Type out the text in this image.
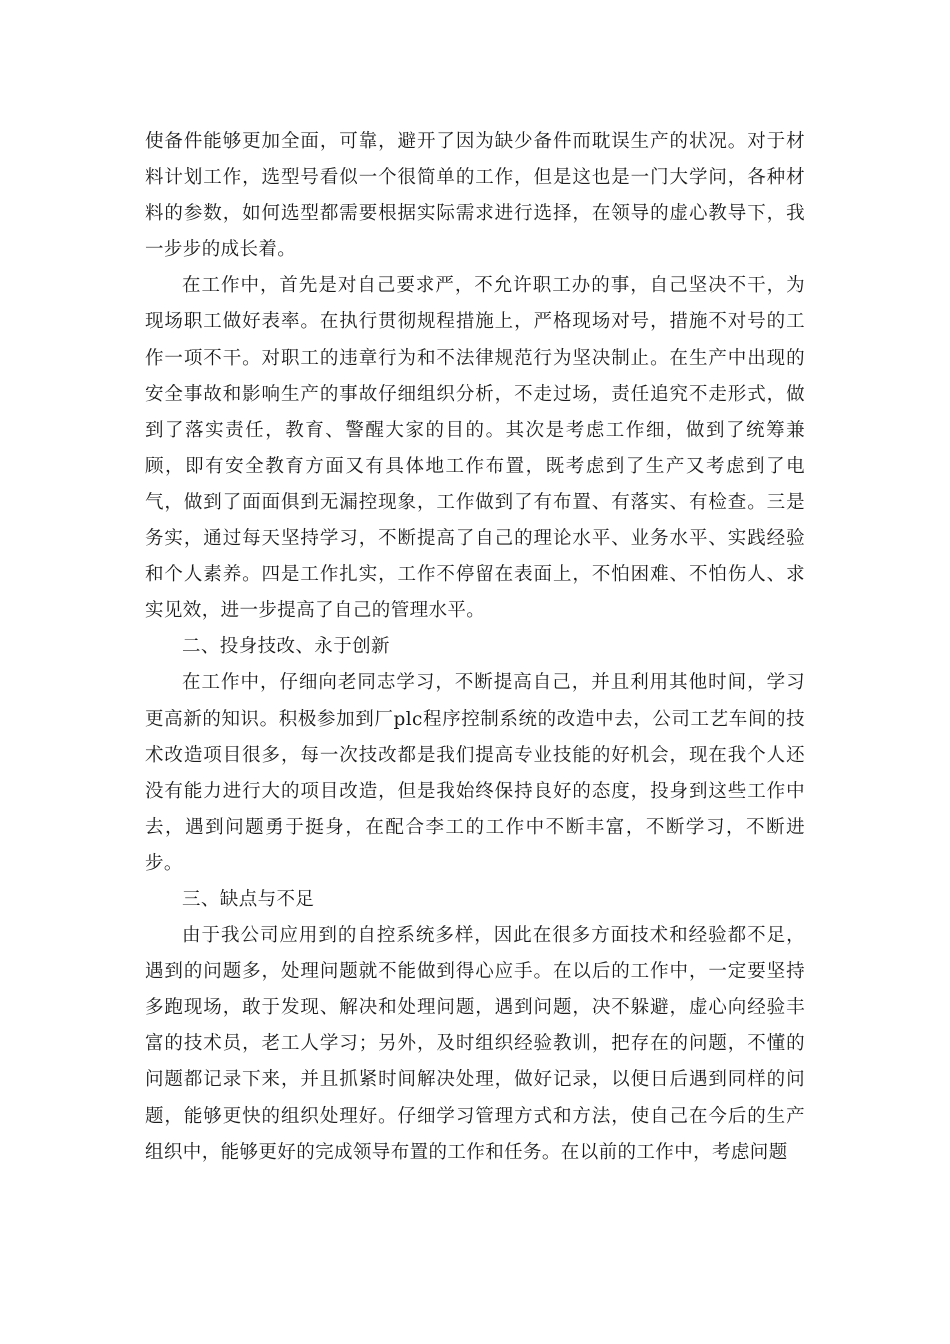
使备件能够更加全面，可靠，避开了因为缺少备件而耽误生产的状况。对于材料计划工作，选型号看似一个很简单的工作，但是这也是一门大学问，各种材料的参数，如何选型都需要根据实际需求进行选择，在领导的虚心教导下，我一步步的成长着。

在工作中，首先是对自己要求严，不允许职工办的事，自己坚决不干，为现场职工做好表率。在执行贯彻规程措施上，严格现场对号，措施不对号的工作一项不干。对职工的违章行为和不法律规范行为坚决制止。在生产中出现的安全事故和影响生产的事故仔细组织分析，不走过场，责任追究不走形式，做到了落实责任，教育、警醒大家的目的。其次是考虑工作细，做到了统筹兼顾，即有安全教育方面又有具体地工作布置，既考虑到了生产又考虑到了电气，做到了面面俱到无漏控现象，工作做到了有布置、有落实、有检查。三是务实，通过每天坚持学习，不断提高了自己的理论水平、业务水平、实践经验和个人素养。四是工作扎实，工作不停留在表面上，不怕困难、不怕伤人、求实见效，进一步提高了自己的管理水平。

二、投身技改、永于创新

在工作中，仔细向老同志学习，不断提高自己，并且利用其他时间，学习更高新的知识。积极参加到厂plc程序控制系统的改造中去，公司工艺车间的技术改造项目很多，每一次技改都是我们提高专业技能的好机会，现在我个人还没有能力进行大的项目改造，但是我始终保持良好的态度，投身到这些工作中去，遇到问题勇于挺身，在配合李工的工作中不断丰富，不断学习，不断进步。

三、缺点与不足

由于我公司应用到的自控系统多样，因此在很多方面技术和经验都不足，遇到的问题多，处理问题就不能做到得心应手。在以后的工作中，一定要坚持多跑现场，敢于发现、解决和处理问题，遇到问题，决不躲避，虚心向经验丰富的技术员，老工人学习；另外，及时组织经验教训，把存在的问题，不懂的问题都记录下来，并且抓紧时间解决处理，做好记录，以便日后遇到同样的问题，能够更快的组织处理好。仔细学习管理方式和方法，使自己在今后的生产组织中，能够更好的完成领导布置的工作和任务。在以前的工作中，考虑问题
